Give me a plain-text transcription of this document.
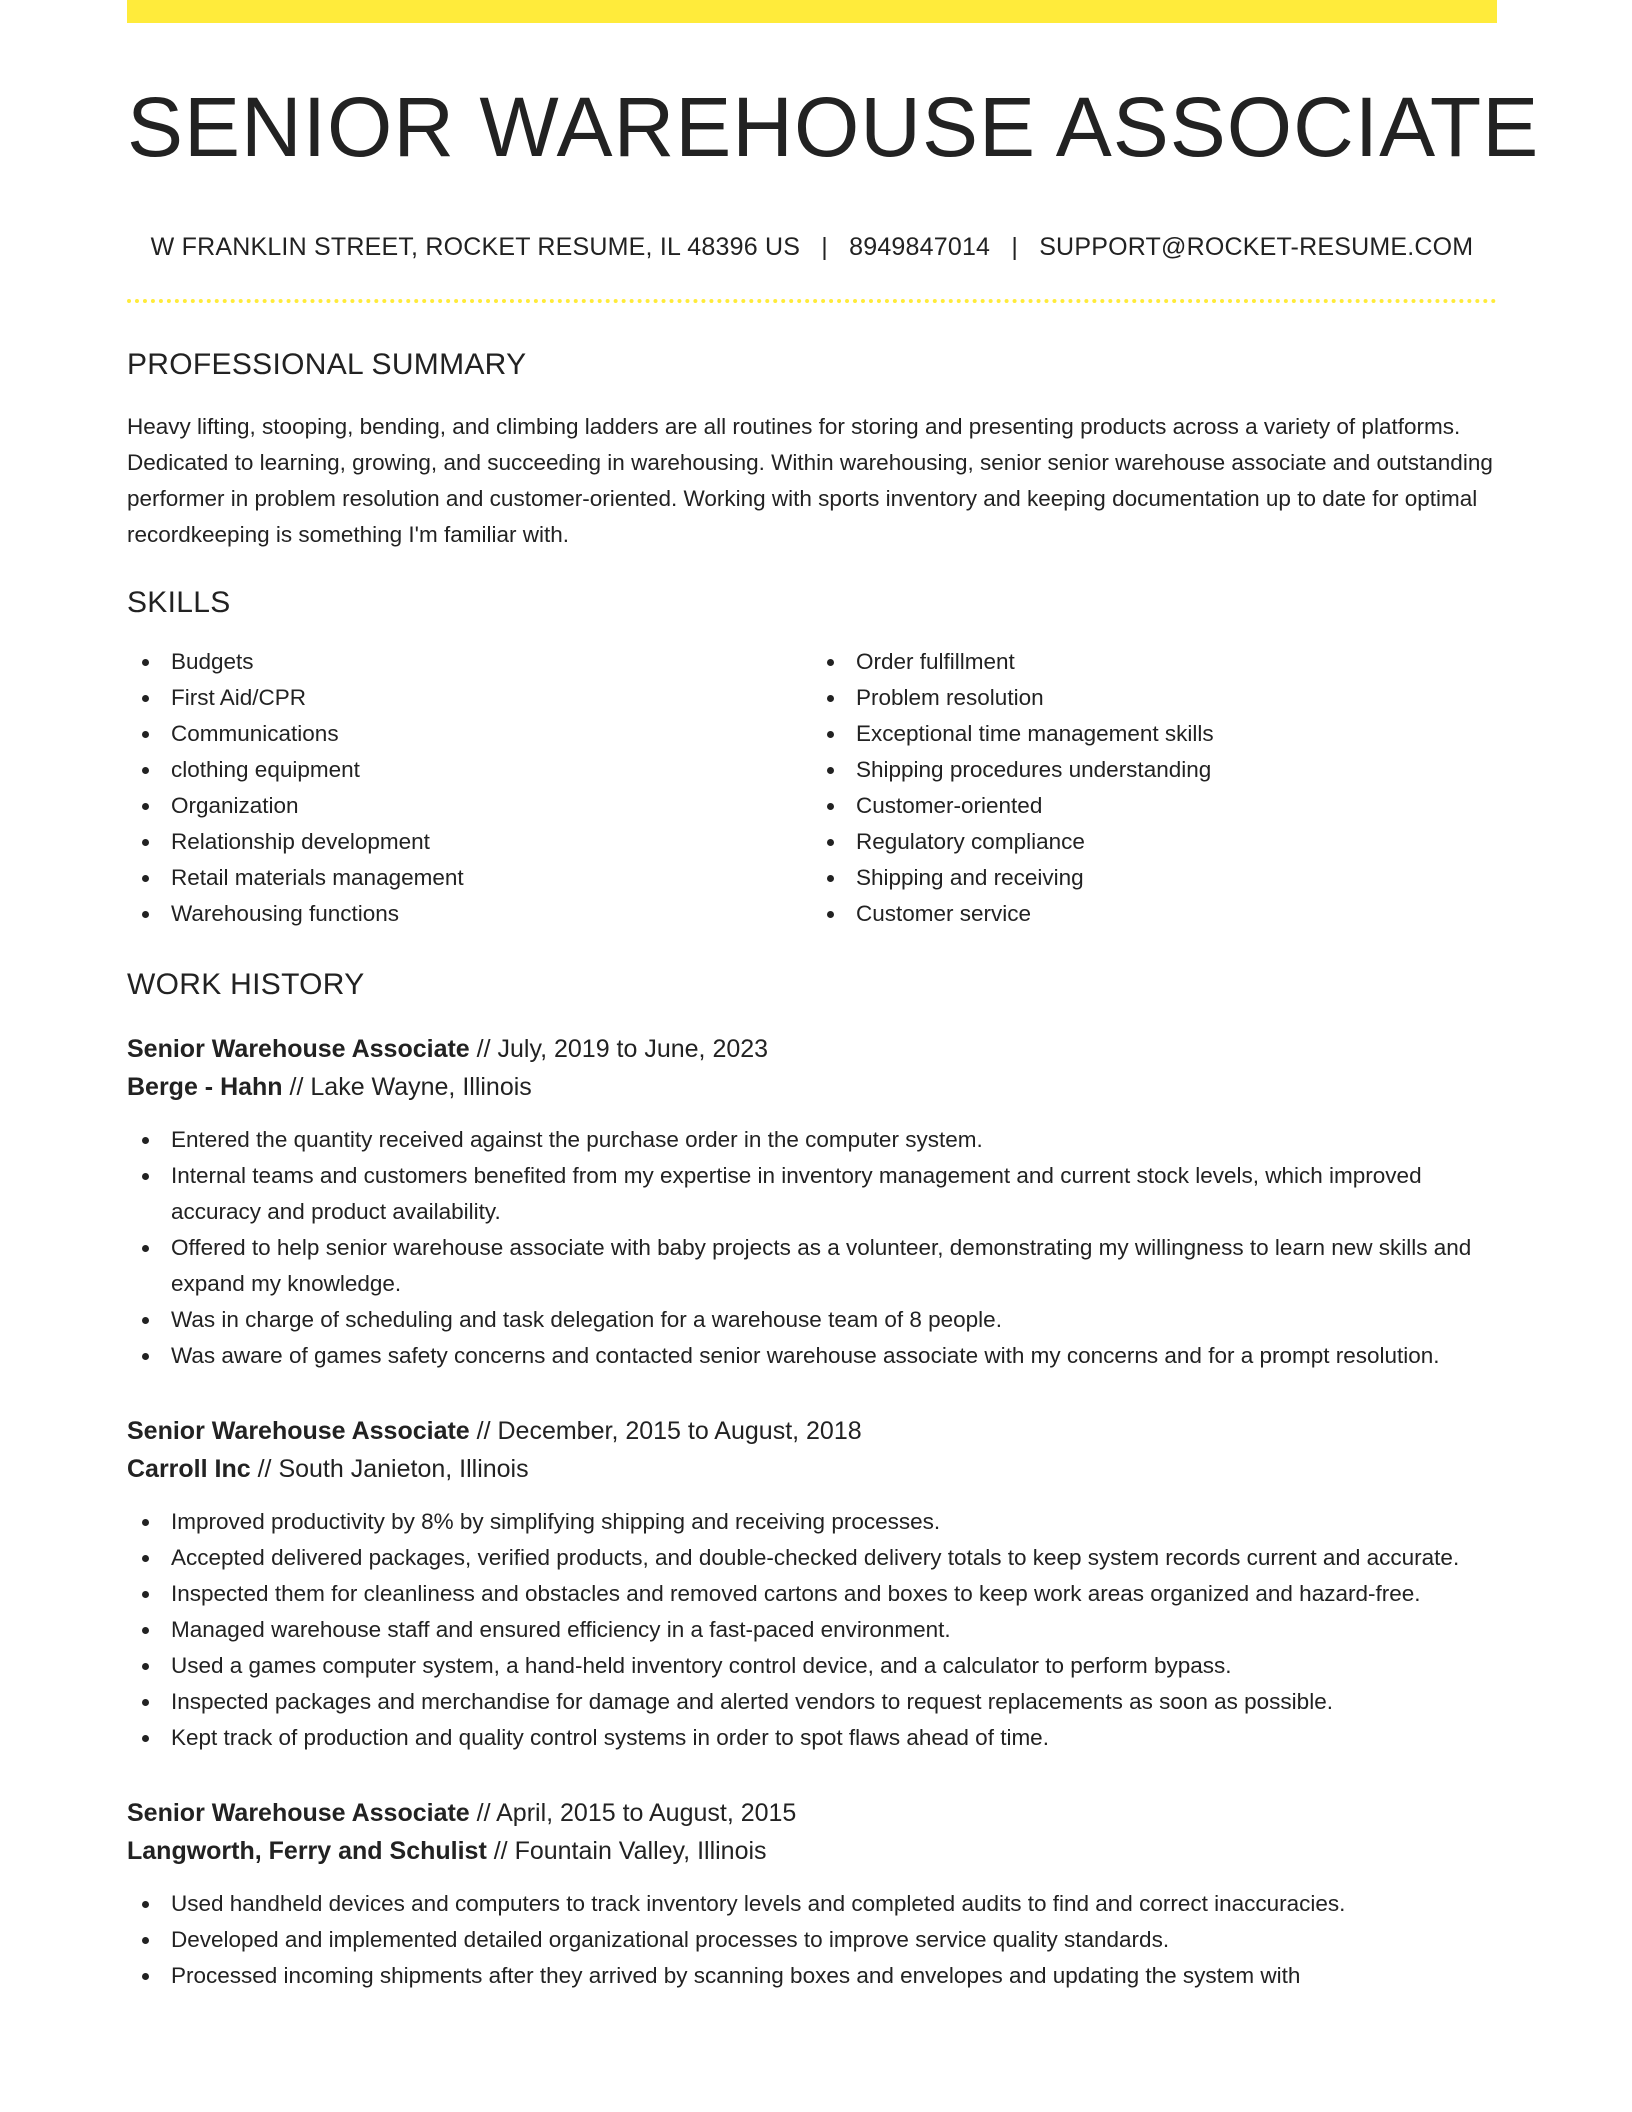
SENIOR WAREHOUSE ASSOCIATE
W FRANKLIN STREET, ROCKET RESUME, IL 48396 US | 8949847014 | SUPPORT@ROCKET-RESUME.COM
PROFESSIONAL SUMMARY

Heavy lifting, stooping, bending, and climbing ladders are all routines for storing and presenting products across a variety of platforms. Dedicated to learning, growing, and succeeding in warehousing. Within warehousing, senior senior warehouse associate and outstanding performer in problem resolution and customer-oriented. Working with sports inventory and keeping documentation up to date for optimal recordkeeping is something I'm familiar with.

SKILLS
Budgets
First Aid/CPR
Communications
clothing equipment
Organization
Relationship development
Retail materials management
Warehousing functions
Order fulfillment
Problem resolution
Exceptional time management skills
Shipping procedures understanding
Customer-oriented
Regulatory compliance
Shipping and receiving
Customer service
WORK HISTORY
Senior Warehouse Associate // July, 2019 to June, 2023
Berge - Hahn // Lake Wayne, Illinois
Entered the quantity received against the purchase order in the computer system.
Internal teams and customers benefited from my expertise in inventory management and current stock levels, which improved accuracy and product availability.
Offered to help senior warehouse associate with baby projects as a volunteer, demonstrating my willingness to learn new skills and expand my knowledge.
Was in charge of scheduling and task delegation for a warehouse team of 8 people.
Was aware of games safety concerns and contacted senior warehouse associate with my concerns and for a prompt resolution.
Senior Warehouse Associate // December, 2015 to August, 2018
Carroll Inc // South Janieton, Illinois
Improved productivity by 8% by simplifying shipping and receiving processes.
Accepted delivered packages, verified products, and double-checked delivery totals to keep system records current and accurate.
Inspected them for cleanliness and obstacles and removed cartons and boxes to keep work areas organized and hazard-free.
Managed warehouse staff and ensured efficiency in a fast-paced environment.
Used a games computer system, a hand-held inventory control device, and a calculator to perform bypass.
Inspected packages and merchandise for damage and alerted vendors to request replacements as soon as possible.
Kept track of production and quality control systems in order to spot flaws ahead of time.
Senior Warehouse Associate // April, 2015 to August, 2015
Langworth, Ferry and Schulist // Fountain Valley, Illinois
Used handheld devices and computers to track inventory levels and completed audits to find and correct inaccuracies.
Developed and implemented detailed organizational processes to improve service quality standards.
Processed incoming shipments after they arrived by scanning boxes and envelopes and updating the system with
